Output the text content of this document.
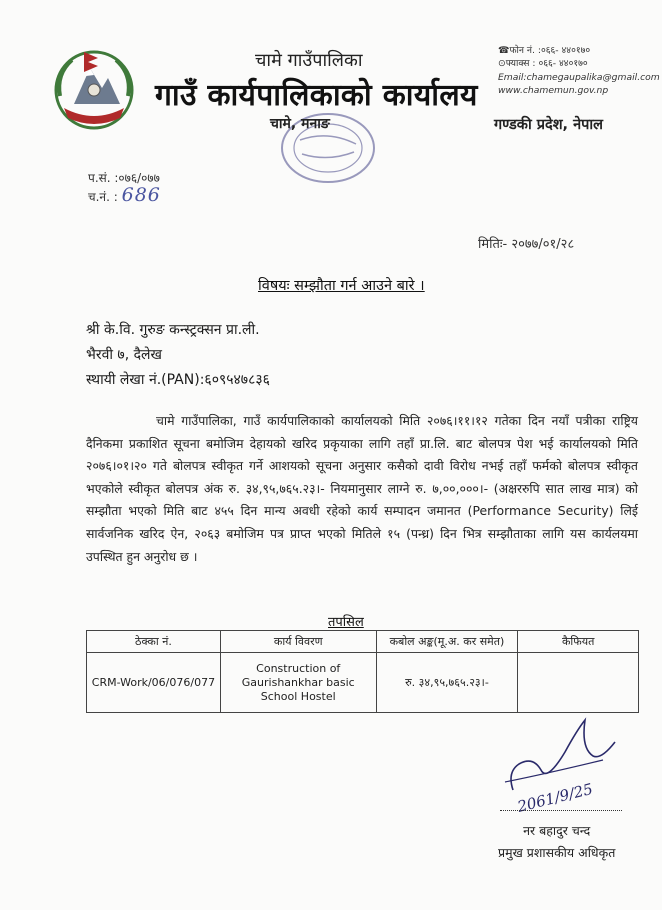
चामे गाउँपालिका
गाउँ कार्यपालिकाको कार्यालय
चामे, मनाङ
☎फोन नं. :०६६- ४४०१७०
⊙फ्याक्स : ०६६- ४४०१७०
Email:chamegaupalika@gmail.com
www.chamemun.gov.np
गण्डकी प्रदेश, नेपाल
प.सं. :०७६/०७७
च.नं. : 686
मितिः- २०७७/०१/२८
विषयः सम्झौता गर्न आउने बारे ।
श्री के.वि. गुरुङ कन्स्ट्रक्सन प्रा.ली.
भैरवी ७, दैलेख
स्थायी लेखा नं.(PAN):६०९५४७८३६
चामे गाउँपालिका, गाउँ कार्यपालिकाको कार्यालयको मिति २०७६।११।१२ गतेका दिन नयाँ पत्रीका राष्ट्रिय दैनिकमा प्रकाशित सूचना बमोजिम देहायको खरिद प्रकृयाका लागि तहाँ प्रा.लि. बाट बोलपत्र पेश भई कार्यालयको मिति २०७६।०१।२० गते बोलपत्र स्वीकृत गर्ने आशयको सूचना अनुसार कसैको दावी विरोध नभई तहाँ फर्मको बोलपत्र स्वीकृत भएकोले स्वीकृत बोलपत्र अंक रु. ३४,९५,७६५.२३।- नियमानुसार लाग्ने रु. ७,००,०००।- (अक्षररुपि सात लाख मात्र) को सम्झौता भएको मिति बाट ४५५ दिन मान्य अवधी रहेको कार्य सम्पादन जमानत (Performance Security) लिई सार्वजनिक खरिद ऐन, २०६३ बमोजिम पत्र प्राप्त भएको मितिले १५ (पन्ध्र) दिन भित्र सम्झौताका लागि यस कार्यलयमा उपस्थित हुन अनुरोध छ ।
तपसिल
ठेक्का नं.	कार्य विवरण	कबोल अङ्क(मू.अ. कर समेत)	कैफियत
CRM-Work/06/076/077	Construction of Gaurishankhar basic School Hostel	रु. ३४,९५,७६५.२३।-	
2061/9/25
नर बहादुर चन्द
प्रमुख प्रशासकीय अधिकृत
